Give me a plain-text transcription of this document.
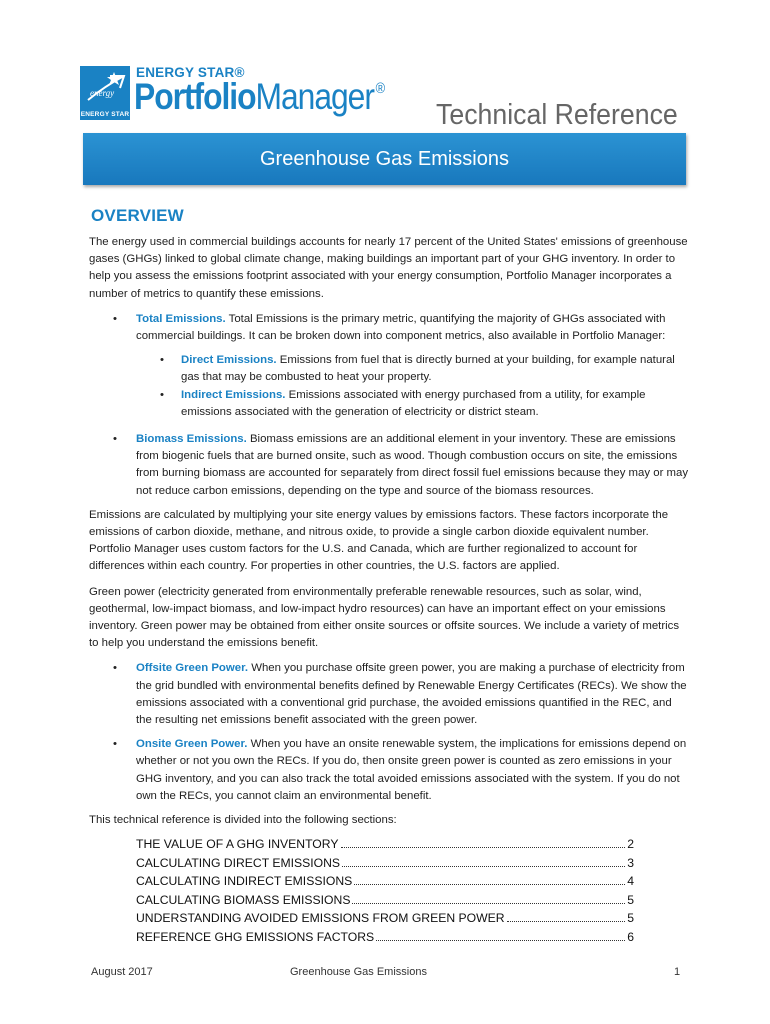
energy
ENERGY STAR
ENERGY STAR®
PortfolioManager ®
Technical Reference
Greenhouse Gas Emissions
OVERVIEW

The energy used in commercial buildings accounts for nearly 17 percent of the United States' emissions of greenhouse gases (GHGs) linked to global climate change, making buildings an important part of your GHG inventory. In order to help you assess the emissions footprint associated with your energy consumption, Portfolio Manager incorporates a number of metrics to quantify these emissions.

• Total Emissions. Total Emissions is the primary metric, quantifying the majority of GHGs associated with commercial buildings. It can be broken down into component metrics, also available in Portfolio Manager:
• Direct Emissions. Emissions from fuel that is directly burned at your building, for example natural gas that may be combusted to heat your property.
• Indirect Emissions. Emissions associated with energy purchased from a utility, for example emissions associated with the generation of electricity or district steam.
• Biomass Emissions. Biomass emissions are an additional element in your inventory. These are emissions from biogenic fuels that are burned onsite, such as wood. Though combustion occurs on site, the emissions from burning biomass are accounted for separately from direct fossil fuel emissions because they may or may not reduce carbon emissions, depending on the type and source of the biomass resources.

Emissions are calculated by multiplying your site energy values by emissions factors. These factors incorporate the emissions of carbon dioxide, methane, and nitrous oxide, to provide a single carbon dioxide equivalent number. Portfolio Manager uses custom factors for the U.S. and Canada, which are further regionalized to account for differences within each country. For properties in other countries, the U.S. factors are applied.

Green power (electricity generated from environmentally preferable renewable resources, such as solar, wind, geothermal, low-impact biomass, and low-impact hydro resources) can have an important effect on your emissions inventory. Green power may be obtained from either onsite sources or offsite sources. We include a variety of metrics to help you understand the emissions benefit.

• Offsite Green Power. When you purchase offsite green power, you are making a purchase of electricity from the grid bundled with environmental benefits defined by Renewable Energy Certificates (RECs). We show the emissions associated with a conventional grid purchase, the avoided emissions quantified in the REC, and the resulting net emissions benefit associated with the green power.
• Onsite Green Power. When you have an onsite renewable system, the implications for emissions depend on whether or not you own the RECs. If you do, then onsite green power is counted as zero emissions in your GHG inventory, and you can also track the total avoided emissions associated with the system. If you do not own the RECs, you cannot claim an environmental benefit.

This technical reference is divided into the following sections:

THE VALUE OF A GHG INVENTORY	2
CALCULATING DIRECT EMISSIONS	3
CALCULATING INDIRECT EMISSIONS	4
CALCULATING BIOMASS EMISSIONS	5
UNDERSTANDING AVOIDED EMISSIONS FROM GREEN POWER	5
REFERENCE GHG EMISSIONS FACTORS	6
August 2017	Greenhouse Gas Emissions	1
